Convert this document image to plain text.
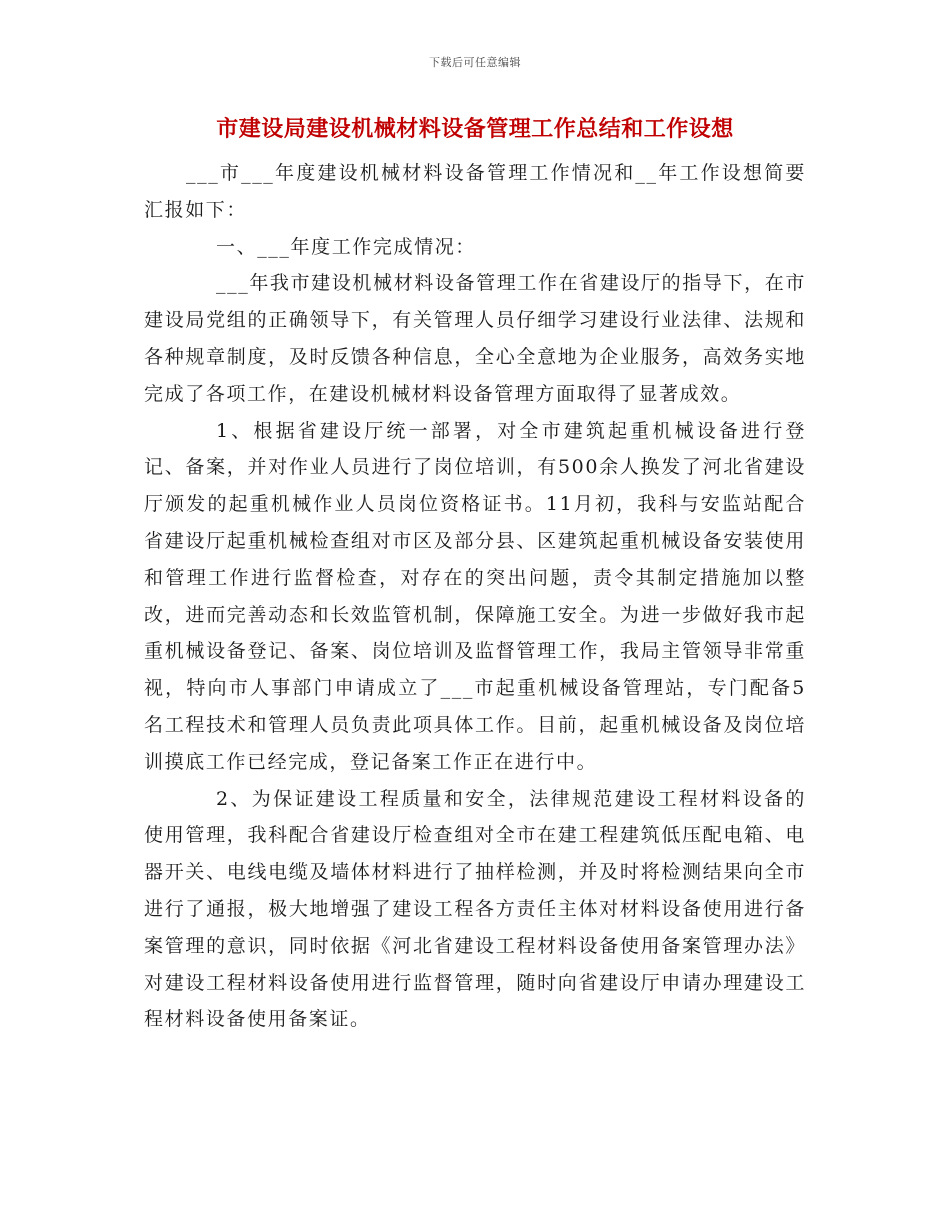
下载后可任意编辑
市建设局建设机械材料设备管理工作总结和工作设想

___市___年度建设机械材料设备管理工作情况和__年工作设想简要汇报如下：

一、___年度工作完成情况：

___年我市建设机械材料设备管理工作在省建设厅的指导下，在市建设局党组的正确领导下，有关管理人员仔细学习建设行业法律、法规和各种规章制度，及时反馈各种信息，全心全意地为企业服务，高效务实地完成了各项工作，在建设机械材料设备管理方面取得了显著成效。

1、根据省建设厅统一部署，对全市建筑起重机械设备进行登记、备案，并对作业人员进行了岗位培训，有500余人换发了河北省建设厅颁发的起重机械作业人员岗位资格证书。11月初，我科与安监站配合省建设厅起重机械检查组对市区及部分县、区建筑起重机械设备安装使用和管理工作进行监督检查，对存在的突出问题，责令其制定措施加以整改，进而完善动态和长效监管机制，保障施工安全。为进一步做好我市起重机械设备登记、备案、岗位培训及监督管理工作，我局主管领导非常重视，特向市人事部门申请成立了___市起重机械设备管理站，专门配备5名工程技术和管理人员负责此项具体工作。目前，起重机械设备及岗位培训摸底工作已经完成，登记备案工作正在进行中。

2、为保证建设工程质量和安全，法律规范建设工程材料设备的使用管理，我科配合省建设厅检查组对全市在建工程建筑低压配电箱、电器开关、电线电缆及墙体材料进行了抽样检测，并及时将检测结果向全市进行了通报，极大地增强了建设工程各方责任主体对材料设备使用进行备案管理的意识，同时依据《河北省建设工程材料设备使用备案管理办法》对建设工程材料设备使用进行监督管理，随时向省建设厅申请办理建设工程材料设备使用备案证。
